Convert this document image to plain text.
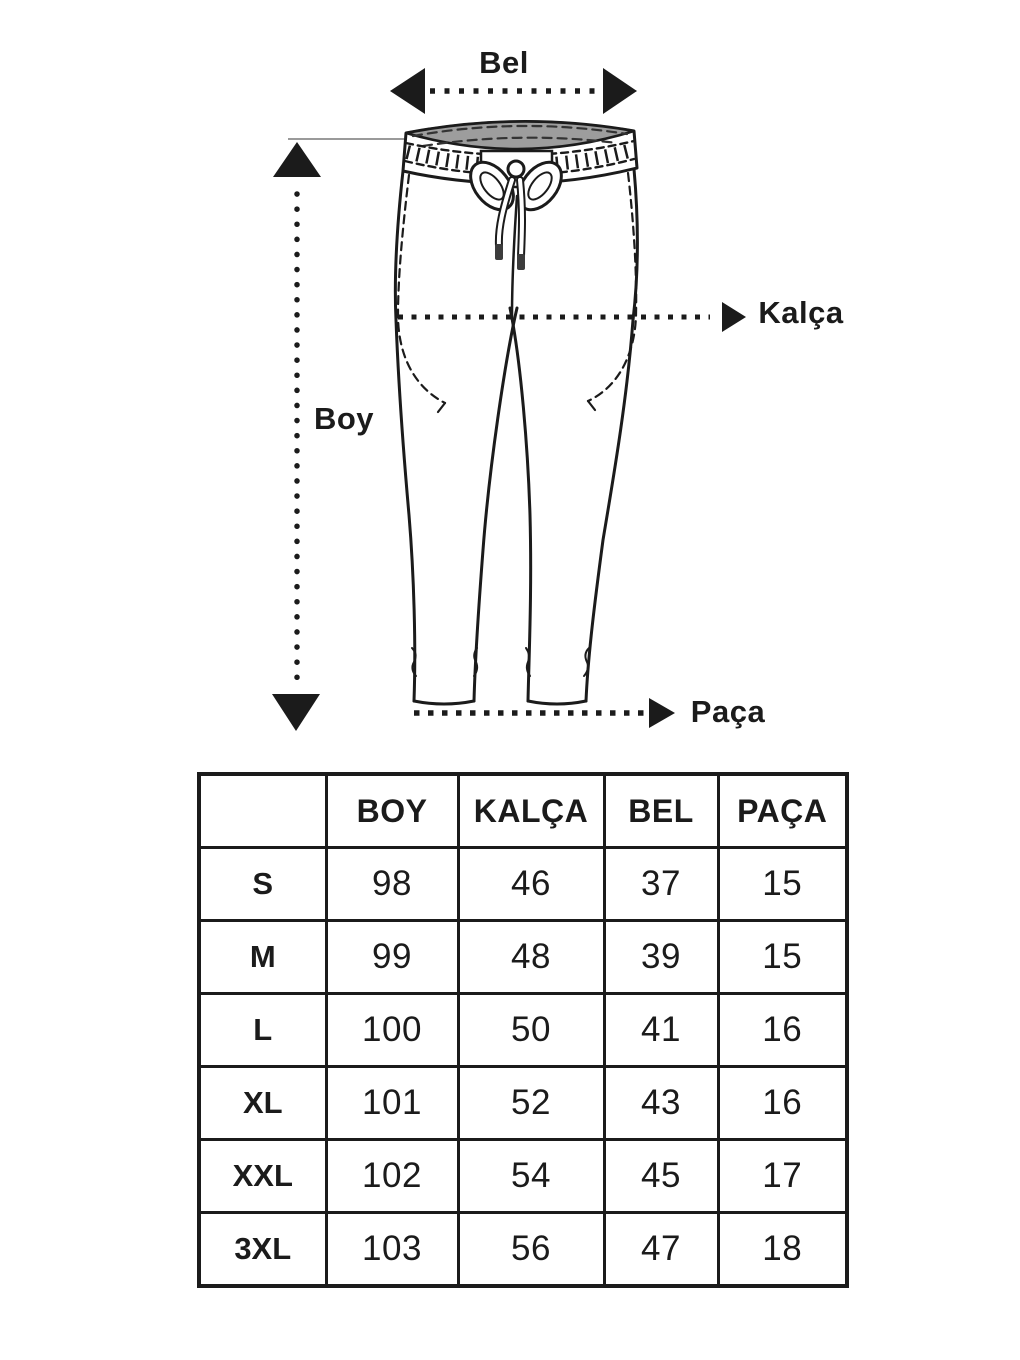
Bel
Boy
Kalça
Paça
	BOY	KALÇA	BEL	PAÇA
S	98	46	37	15
M	99	48	39	15
L	100	50	41	16
XL	101	52	43	16
XXL	102	54	45	17
3XL	103	56	47	18
